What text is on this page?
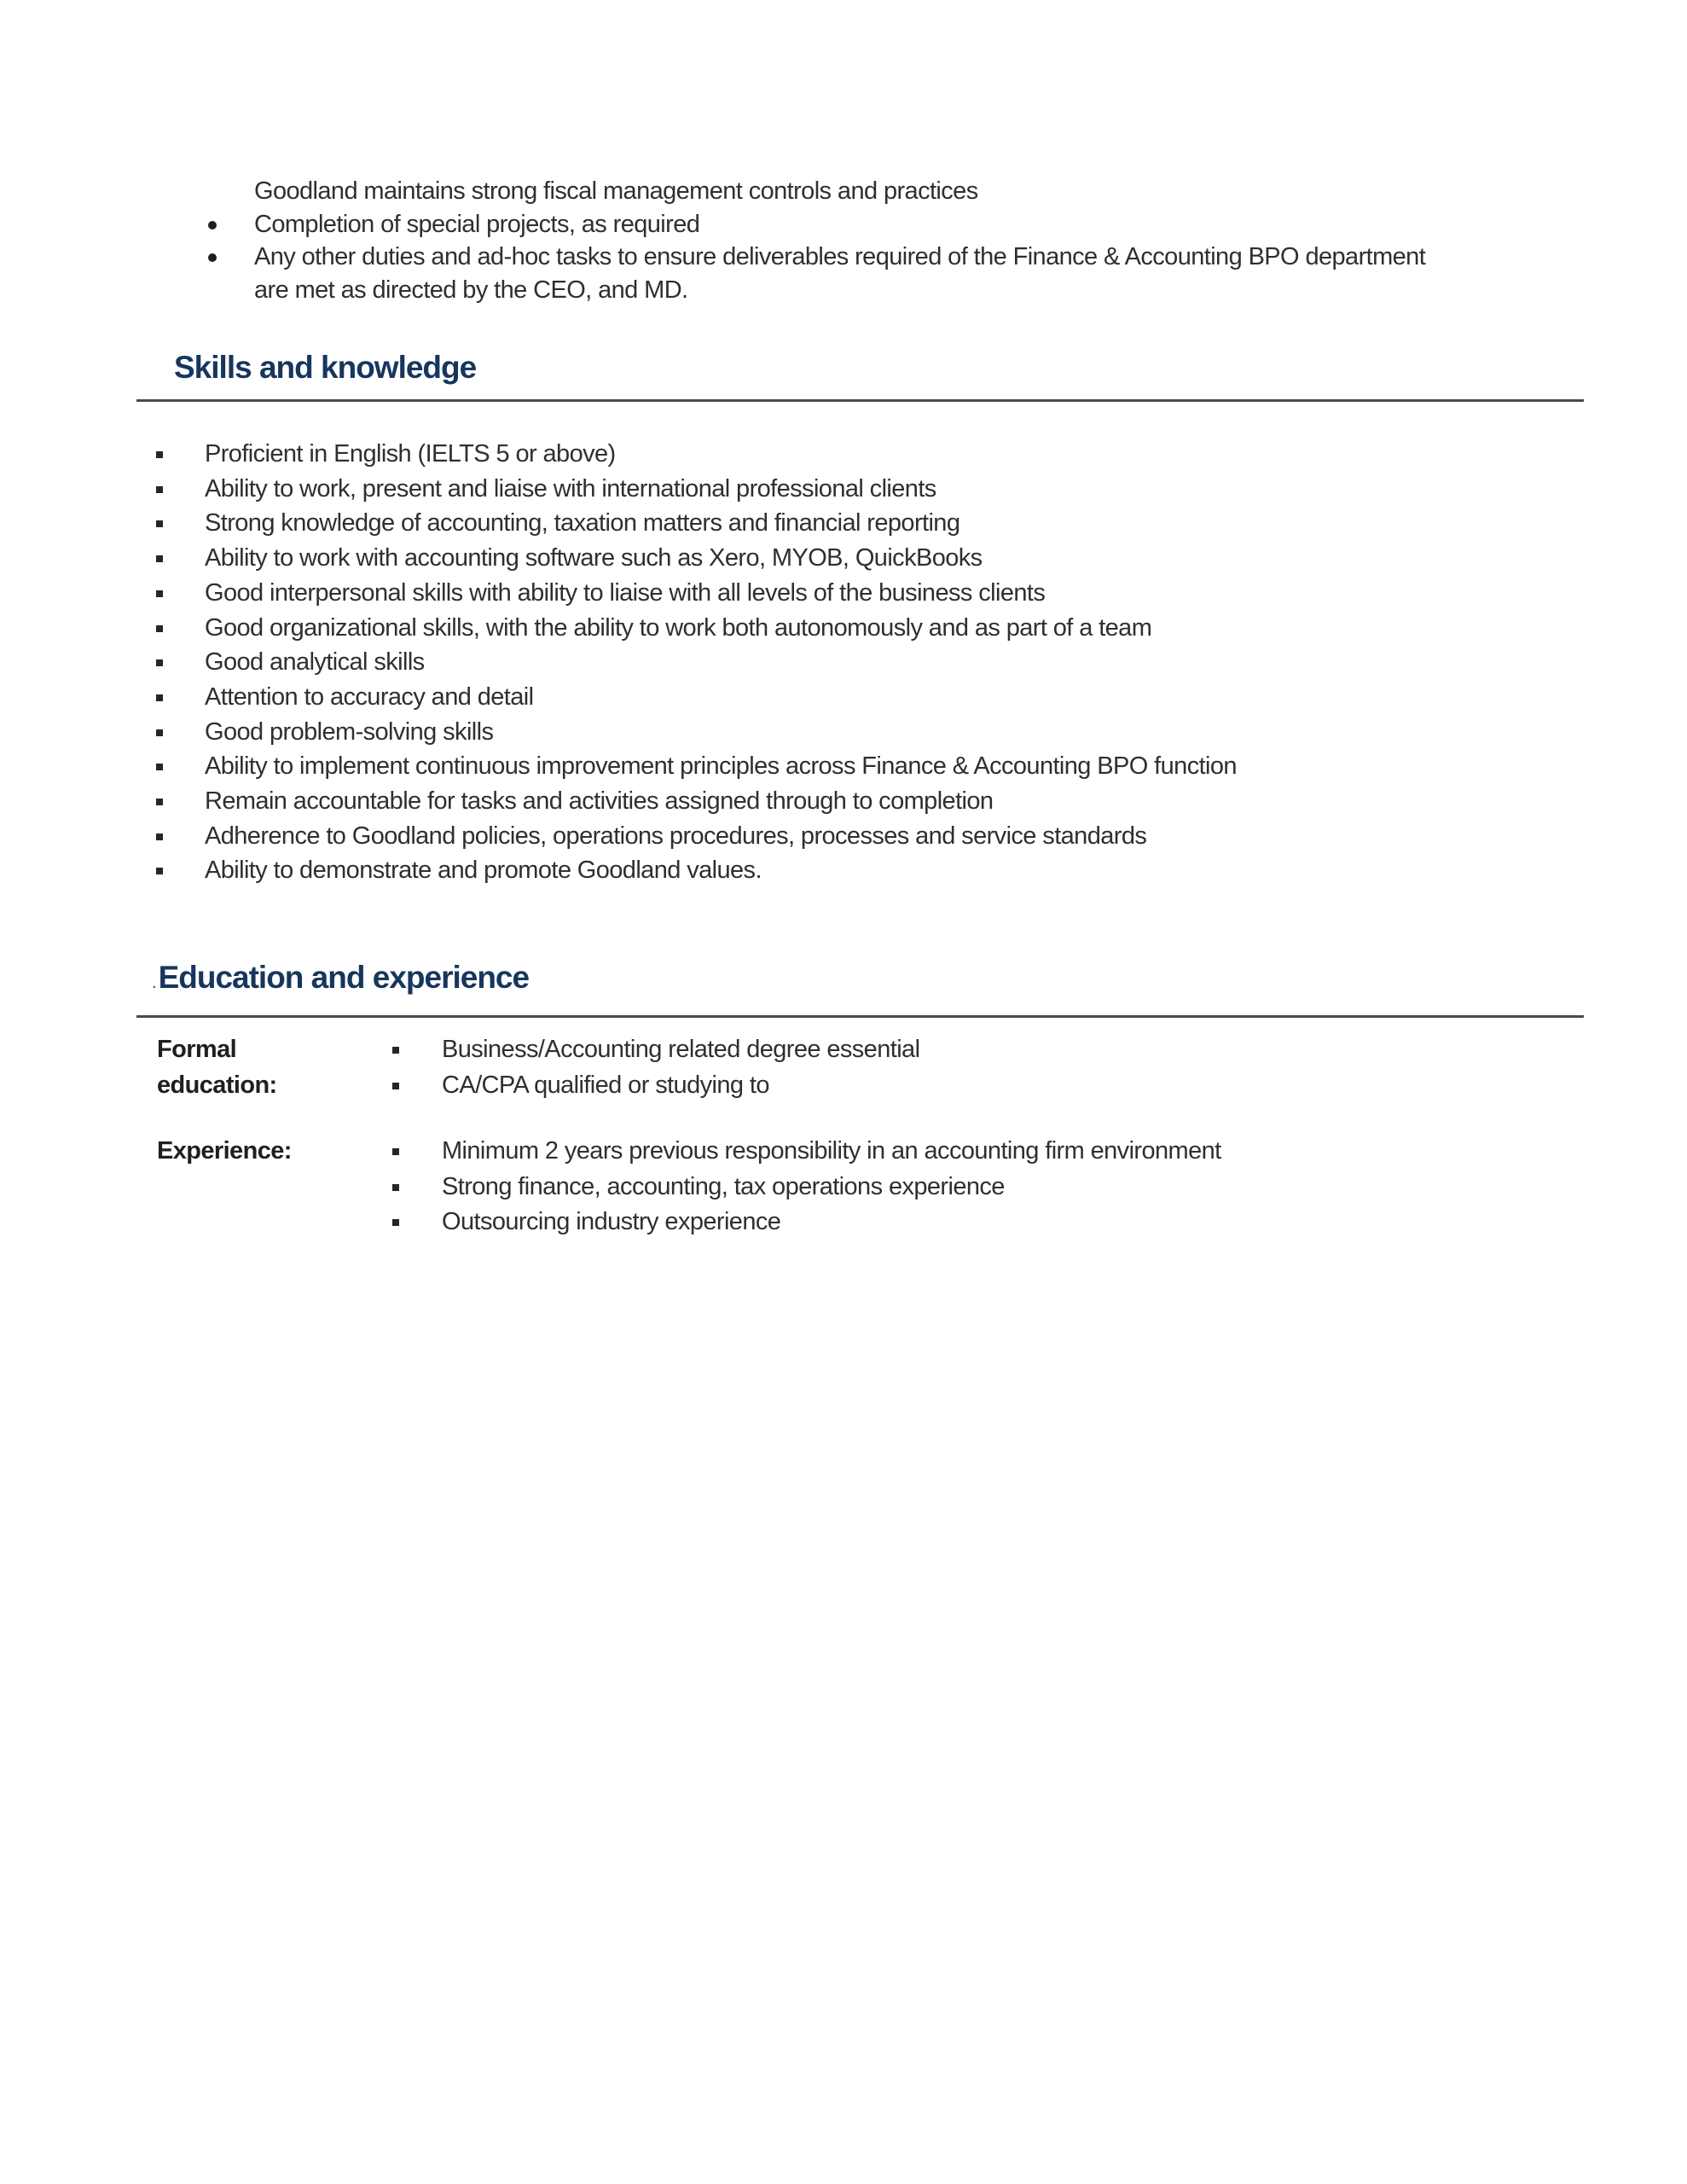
Goodland maintains strong fiscal management controls and practices
Completion of special projects, as required
Any other duties and ad-hoc tasks to ensure deliverables required of the Finance & Accounting BPO department
are met as directed by the CEO, and MD.
Skills and knowledge
Proficient in English (IELTS 5 or above)
Ability to work, present and liaise with international professional clients
Strong knowledge of accounting, taxation matters and financial reporting
Ability to work with accounting software such as Xero, MYOB, QuickBooks
Good interpersonal skills with ability to liaise with all levels of the business clients
Good organizational skills, with the ability to work both autonomously and as part of a team
Good analytical skills
Attention to accuracy and detail
Good problem-solving skills
Ability to implement continuous improvement principles across Finance & Accounting BPO function
Remain accountable for tasks and activities assigned through to completion
Adherence to Goodland policies, operations procedures, processes and service standards
Ability to demonstrate and promote Goodland values.
.Education and experience
Formal education:
Business/Accounting related degree essential
CA/CPA qualified or studying to
Experience:	Minimum 2 years previous responsibility in an accounting firm environment
Strong finance, accounting, tax operations experience
Outsourcing industry experience
